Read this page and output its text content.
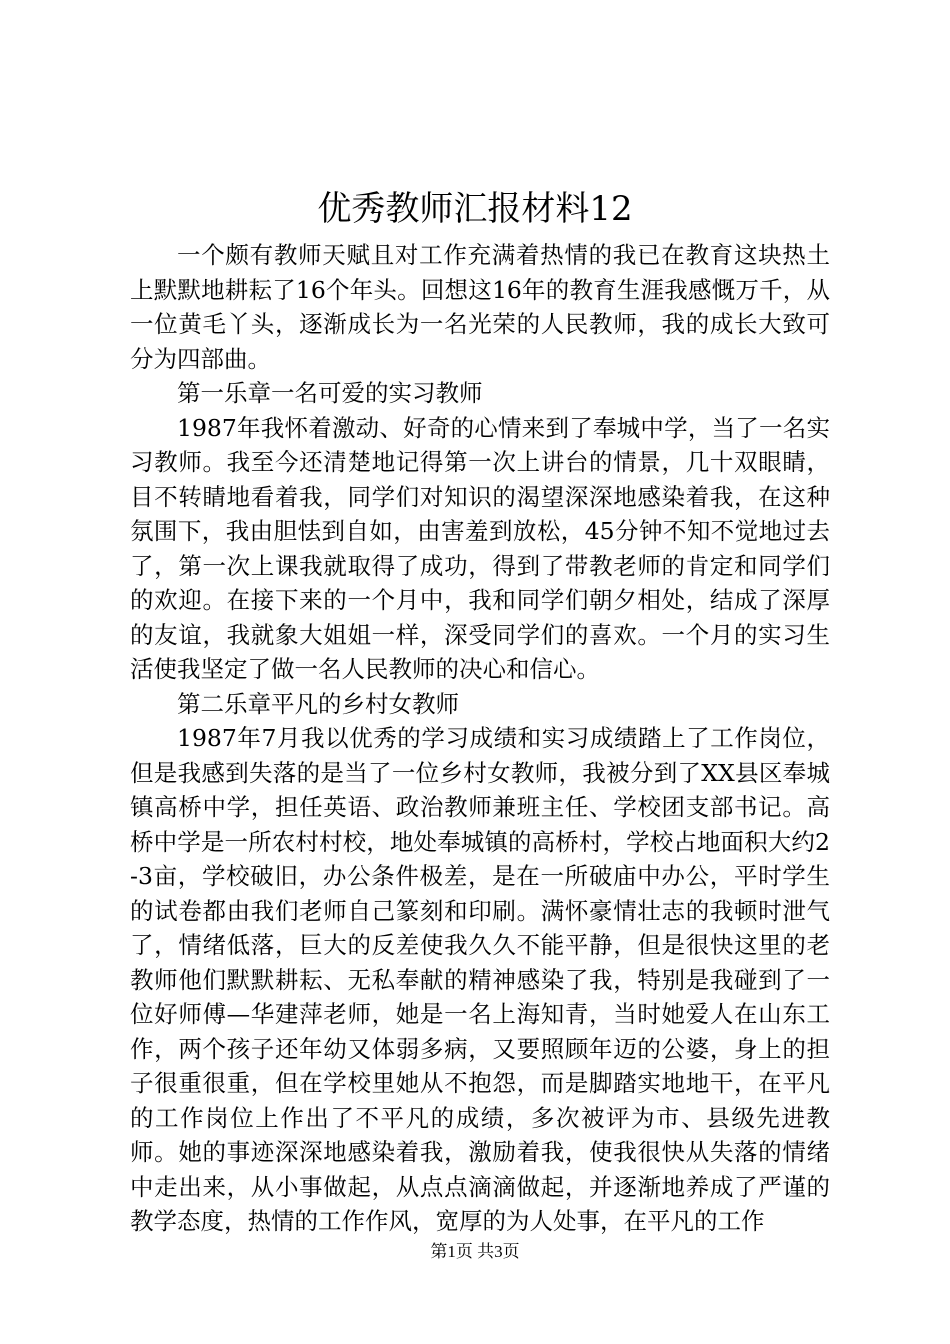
优秀教师汇报材料12

一个颇有教师天赋且对工作充满着热情的我已在教育这块热土上默默地耕耘了16个年头。回想这16年的教育生涯我感慨万千，从一位黄毛丫头，逐渐成长为一名光荣的人民教师，我的成长大致可分为四部曲。

第一乐章一名可爱的实习教师

1987年我怀着激动、好奇的心情来到了奉城中学，当了一名实习教师。我至今还清楚地记得第一次上讲台的情景，几十双眼睛，目不转睛地看着我，同学们对知识的渴望深深地感染着我，在这种氛围下，我由胆怯到自如，由害羞到放松，45分钟不知不觉地过去了，第一次上课我就取得了成功，得到了带教老师的肯定和同学们的欢迎。在接下来的一个月中，我和同学们朝夕相处，结成了深厚的友谊，我就象大姐姐一样，深受同学们的喜欢。一个月的实习生活使我坚定了做一名人民教师的决心和信心。

第二乐章平凡的乡村女教师

1987年7月我以优秀的学习成绩和实习成绩踏上了工作岗位，但是我感到失落的是当了一位乡村女教师，我被分到了XX县区奉城镇高桥中学，担任英语、政治教师兼班主任、学校团支部书记。高桥中学是一所农村村校，地处奉城镇的高桥村，学校占地面积大约2-3亩，学校破旧，办公条件极差，是在一所破庙中办公，平时学生的试卷都由我们老师自己篆刻和印刷。满怀豪情壮志的我顿时泄气了，情绪低落，巨大的反差使我久久不能平静，但是很快这里的老教师他们默默耕耘、无私奉献的精神感染了我，特别是我碰到了一位好师傅—华建萍老师，她是一名上海知青，当时她爱人在山东工作，两个孩子还年幼又体弱多病，又要照顾年迈的公婆，身上的担子很重很重，但在学校里她从不抱怨，而是脚踏实地地干，在平凡的工作岗位上作出了不平凡的成绩，多次被评为市、县级先进教师。她的事迹深深地感染着我，激励着我，使我很快从失落的情绪中走出来，从小事做起，从点点滴滴做起，并逐渐地养成了严谨的教学态度，热情的工作作风，宽厚的为人处事，在平凡的工作

第1页 共3页
